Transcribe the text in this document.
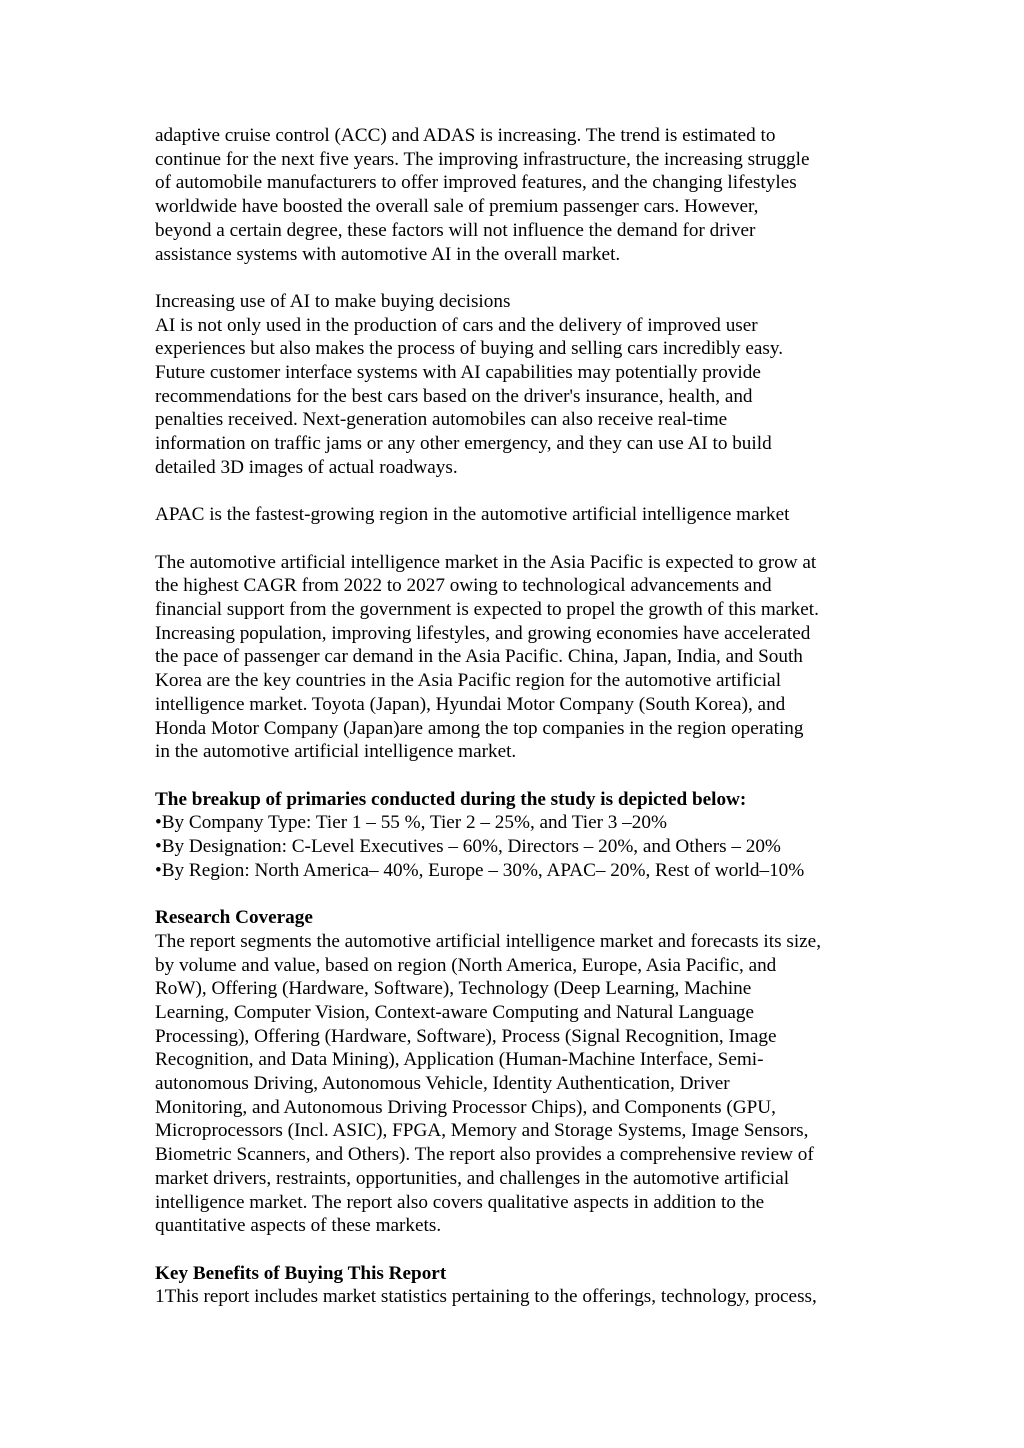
adaptive cruise control (ACC) and ADAS is increasing. The trend is estimated to
continue for the next five years. The improving infrastructure, the increasing struggle
of automobile manufacturers to offer improved features, and the changing lifestyles
worldwide have boosted the overall sale of premium passenger cars. However,
beyond a certain degree, these factors will not influence the demand for driver
assistance systems with automotive AI in the overall market.
Increasing use of AI to make buying decisions
AI is not only used in the production of cars and the delivery of improved user
experiences but also makes the process of buying and selling cars incredibly easy.
Future customer interface systems with AI capabilities may potentially provide
recommendations for the best cars based on the driver's insurance, health, and
penalties received. Next-generation automobiles can also receive real-time
information on traffic jams or any other emergency, and they can use AI to build
detailed 3D images of actual roadways.
APAC is the fastest-growing region in the automotive artificial intelligence market
The automotive artificial intelligence market in the Asia Pacific is expected to grow at
the highest CAGR from 2022 to 2027 owing to technological advancements and
financial support from the government is expected to propel the growth of this market.
Increasing population, improving lifestyles, and growing economies have accelerated
the pace of passenger car demand in the Asia Pacific. China, Japan, India, and South
Korea are the key countries in the Asia Pacific region for the automotive artificial
intelligence market. Toyota (Japan), Hyundai Motor Company (South Korea), and
Honda Motor Company (Japan)are among the top companies in the region operating
in the automotive artificial intelligence market.
The breakup of primaries conducted during the study is depicted below:
•By Company Type: Tier 1 – 55 %, Tier 2 – 25%, and Tier 3 –20%
•By Designation: C-Level Executives – 60%, Directors – 20%, and Others – 20%
•By Region: North America– 40%, Europe – 30%, APAC– 20%, Rest of world–10%
Research Coverage
The report segments the automotive artificial intelligence market and forecasts its size,
by volume and value, based on region (North America, Europe, Asia Pacific, and
RoW), Offering (Hardware, Software), Technology (Deep Learning, Machine
Learning, Computer Vision, Context-aware Computing and Natural Language
Processing), Offering (Hardware, Software), Process (Signal Recognition, Image
Recognition, and Data Mining), Application (Human-Machine Interface, Semi-
autonomous Driving, Autonomous Vehicle, Identity Authentication, Driver
Monitoring, and Autonomous Driving Processor Chips), and Components (GPU,
Microprocessors (Incl. ASIC), FPGA, Memory and Storage Systems, Image Sensors,
Biometric Scanners, and Others). The report also provides a comprehensive review of
market drivers, restraints, opportunities, and challenges in the automotive artificial
intelligence market. The report also covers qualitative aspects in addition to the
quantitative aspects of these markets.
Key Benefits of Buying This Report
1This report includes market statistics pertaining to the offerings, technology, process,
